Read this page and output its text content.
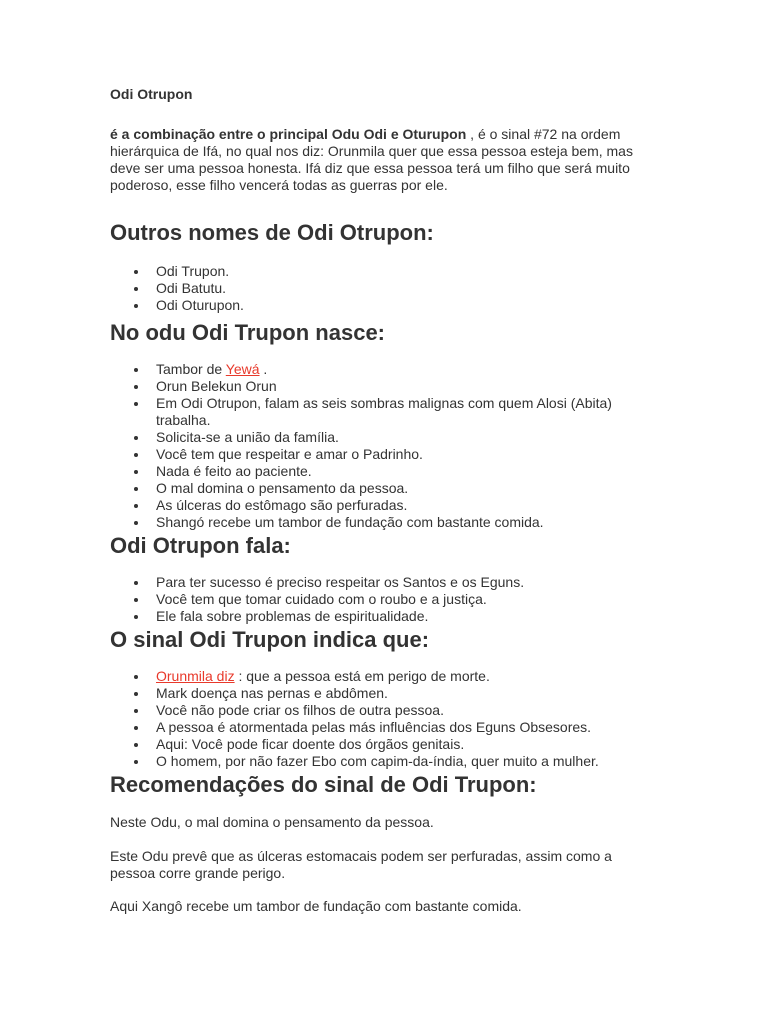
Odi Otrupon

é a combinação entre o principal Odu Odi e Oturupon , é o sinal #72 na ordem hierárquica de Ifá, no qual nos diz: Orunmila quer que essa pessoa esteja bem, mas deve ser uma pessoa honesta. Ifá diz que essa pessoa terá um filho que será muito poderoso, esse filho vencerá todas as guerras por ele.

Outros nomes de Odi Otrupon:
Odi Trupon.
Odi Batutu.
Odi Oturupon.
No odu Odi Trupon nasce:
Tambor de Yewá .
Orun Belekun Orun
Em Odi Otrupon, falam as seis sombras malignas com quem Alosi (Abita) trabalha.
Solicita-se a união da família.
Você tem que respeitar e amar o Padrinho.
Nada é feito ao paciente.
O mal domina o pensamento da pessoa.
As úlceras do estômago são perfuradas.
Shangó recebe um tambor de fundação com bastante comida.
Odi Otrupon fala:
Para ter sucesso é preciso respeitar os Santos e os Eguns.
Você tem que tomar cuidado com o roubo e a justiça.
Ele fala sobre problemas de espiritualidade.
O sinal Odi Trupon indica que:
Orunmila diz : que a pessoa está em perigo de morte.
Mark doença nas pernas e abdômen.
Você não pode criar os filhos de outra pessoa.
A pessoa é atormentada pelas más influências dos Eguns Obsesores.
Aqui: Você pode ficar doente dos órgãos genitais.
O homem, por não fazer Ebo com capim-da-índia, quer muito a mulher.
Recomendações do sinal de Odi Trupon:

Neste Odu, o mal domina o pensamento da pessoa.

Este Odu prevê que as úlceras estomacais podem ser perfuradas, assim como a pessoa corre grande perigo.

Aqui Xangô recebe um tambor de fundação com bastante comida.
